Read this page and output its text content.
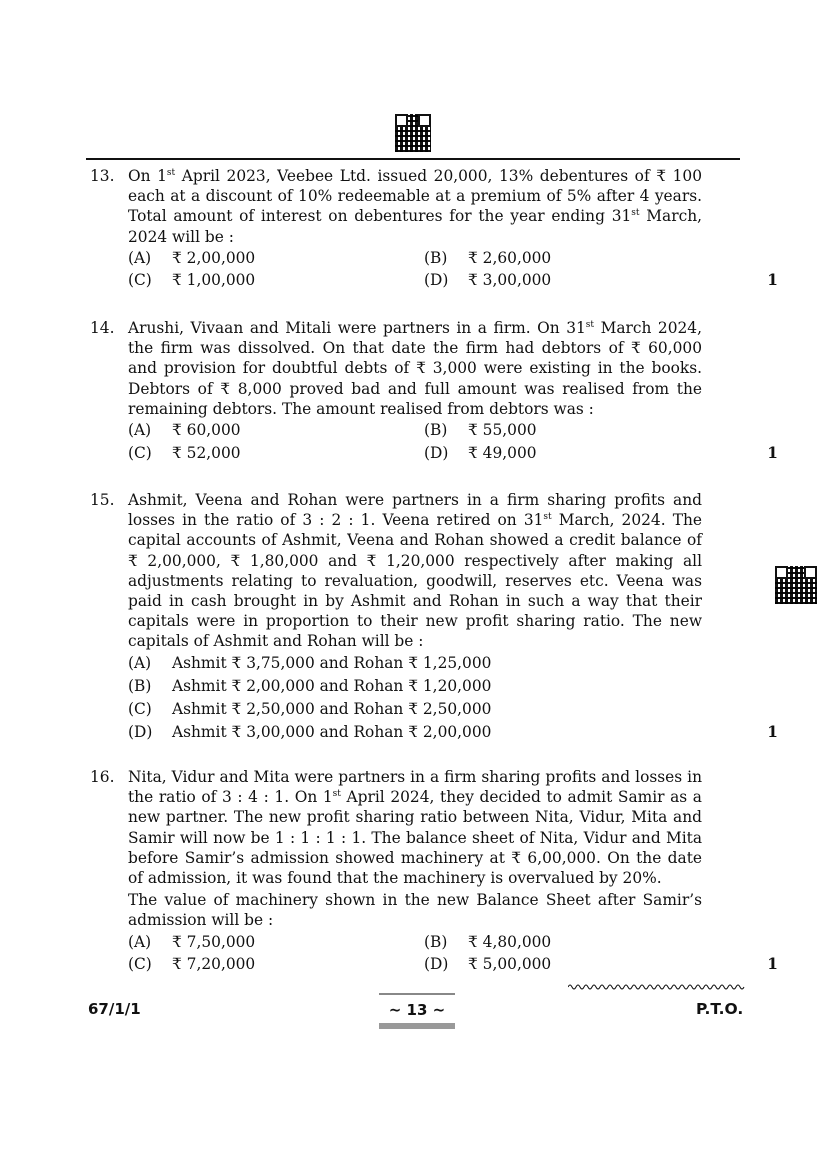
13. On 1st April 2023, Veebee Ltd. issued 20,000, 13% debentures of ₹ 100 each at a discount of 10% redeemable at a premium of 5% after 4 years. Total amount of interest on debentures for the year ending 31st March, 2024 will be :
(A) ₹ 2,00,000	(B) ₹ 2,60,000
(C) ₹ 1,00,000	(D) ₹ 3,00,000	1
14. Arushi, Vivaan and Mitali were partners in a firm. On 31st March 2024, the firm was dissolved. On that date the firm had debtors of ₹ 60,000 and provision for doubtful debts of ₹ 3,000 were existing in the books. Debtors of ₹ 8,000 proved bad and full amount was realised from the remaining debtors. The amount realised from debtors was :
(A) ₹ 60,000	(B) ₹ 55,000
(C) ₹ 52,000	(D) ₹ 49,000	1
15. Ashmit, Veena and Rohan were partners in a firm sharing profits and losses in the ratio of 3 : 2 : 1. Veena retired on 31st March, 2024. The capital accounts of Ashmit, Veena and Rohan showed a credit balance of ₹ 2,00,000, ₹ 1,80,000 and ₹ 1,20,000 respectively after making all adjustments relating to revaluation, goodwill, reserves etc. Veena was paid in cash brought in by Ashmit and Rohan in such a way that their capitals were in proportion to their new profit sharing ratio. The new capitals of Ashmit and Rohan will be :
(A) Ashmit ₹ 3,75,000 and Rohan ₹ 1,25,000
(B) Ashmit ₹ 2,00,000 and Rohan ₹ 1,20,000
(C) Ashmit ₹ 2,50,000 and Rohan ₹ 2,50,000
(D) Ashmit ₹ 3,00,000 and Rohan ₹ 2,00,000	1
16. Nita, Vidur and Mita were partners in a firm sharing profits and losses in the ratio of 3 : 4 : 1. On 1st April 2024, they decided to admit Samir as a new partner. The new profit sharing ratio between Nita, Vidur, Mita and Samir will now be 1 : 1 : 1 : 1. The balance sheet of Nita, Vidur and Mita before Samir’s admission showed machinery at ₹ 6,00,000. On the date of admission, it was found that the machinery is overvalued by 20%.
The value of machinery shown in the new Balance Sheet after Samir’s admission will be :
(A) ₹ 7,50,000	(B) ₹ 4,80,000
(C) ₹ 7,20,000	(D) ₹ 5,00,000	1
67/1/1	~ 13 ~	P.T.O.
